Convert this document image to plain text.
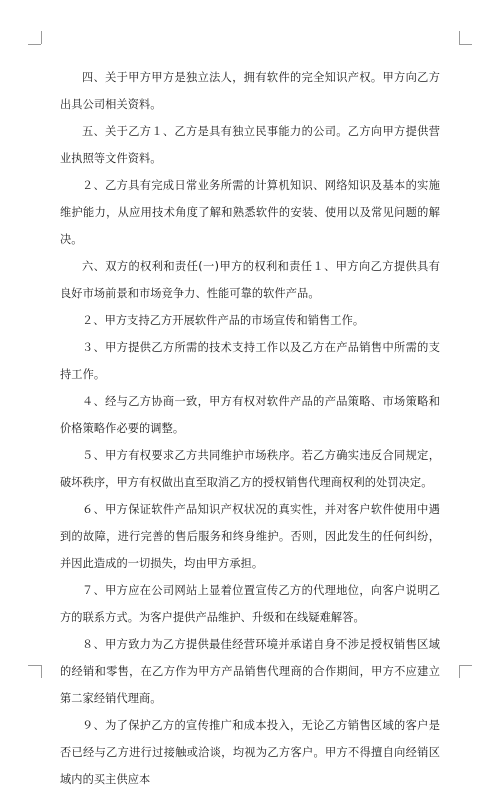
四、关于甲方甲方是独立法人，拥有软件的完全知识产权。甲方向乙方出具公司相关资料。

五、关于乙方１、乙方是具有独立民事能力的公司。乙方向甲方提供营业执照等文件资料。

２、乙方具有完成日常业务所需的计算机知识、网络知识及基本的实施维护能力，从应用技术角度了解和熟悉软件的安装、使用以及常见问题的解决。

六、双方的权利和责任(一)甲方的权利和责任１、甲方向乙方提供具有良好市场前景和市场竞争力、性能可靠的软件产品。

２、甲方支持乙方开展软件产品的市场宣传和销售工作。

３、甲方提供乙方所需的技术支持工作以及乙方在产品销售中所需的支持工作。

４、经与乙方协商一致，甲方有权对软件产品的产品策略、市场策略和价格策略作必要的调整。

５、甲方有权要求乙方共同维护市场秩序。若乙方确实违反合同规定，破坏秩序，甲方有权做出直至取消乙方的授权销售代理商权利的处罚决定。

６、甲方保证软件产品知识产权状况的真实性，并对客户软件使用中遇到的故障，进行完善的售后服务和终身维护。否则，因此发生的任何纠纷，并因此造成的一切损失，均由甲方承担。

７、甲方应在公司网站上显着位置宣传乙方的代理地位，向客户说明乙方的联系方式。为客户提供产品维护、升级和在线疑难解答。

８、甲方致力为乙方提供最佳经营环境并承诺自身不涉足授权销售区域的经销和零售，在乙方作为甲方产品销售代理商的合作期间，甲方不应建立第二家经销代理商。

９、为了保护乙方的宣传推广和成本投入，无论乙方销售区域的客户是否已经与乙方进行过接触或洽谈，均视为乙方客户。甲方不得擅自向经销区域内的买主供应本
